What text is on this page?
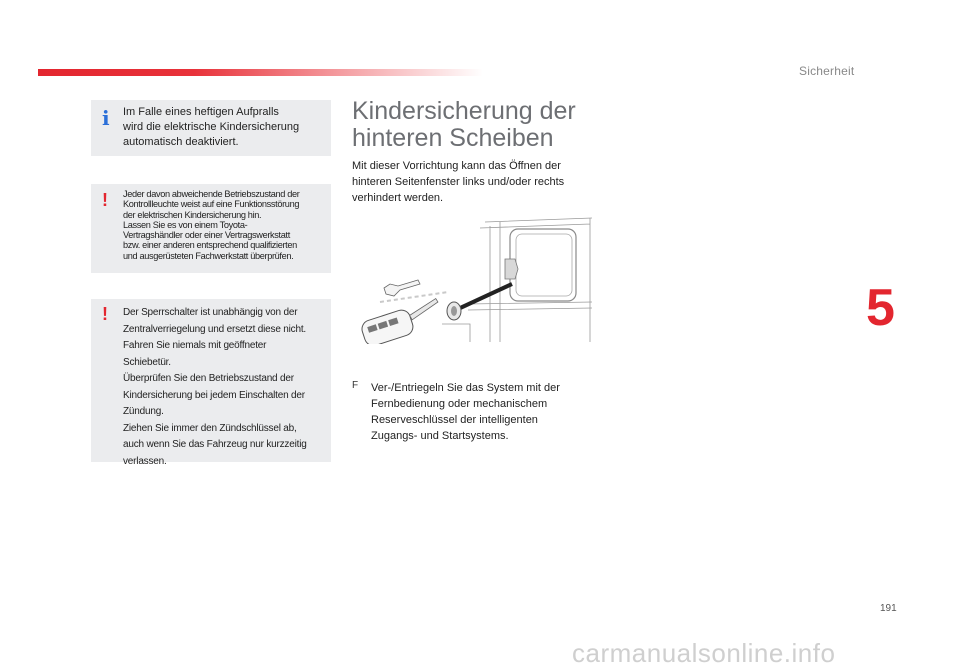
Sicherheit
i Im Falle eines heftigen Aufpralls
wird die elektrische Kindersicherung
automatisch deaktiviert.
! Jeder davon abweichende Betriebszustand der
Kontrollleuchte weist auf eine Funktionsstörung
der elektrischen Kindersicherung hin.
Lassen Sie es von einem Toyota-
Vertragshändler oder einer Vertragswerkstatt
bzw. einer anderen entsprechend qualifizierten
und ausgerüsteten Fachwerkstatt überprüfen.
! Der Sperrschalter ist unabhängig von der
Zentralverriegelung und ersetzt diese nicht.
Fahren Sie niemals mit geöffneter
Schiebetür.
Überprüfen Sie den Betriebszustand der
Kindersicherung bei jedem Einschalten der
Zündung.
Ziehen Sie immer den Zündschlüssel ab,
auch wenn Sie das Fahrzeug nur kurzzeitig
verlassen.
Kindersicherung der
hinteren Scheiben
Mit dieser Vorrichtung kann das Öffnen der
hinteren Seitenfenster links und/oder rechts
verhindert werden.
F Ver-/Entriegeln Sie das System mit der
Fernbedienung oder mechanischem
Reserveschlüssel der intelligenten
Zugangs- und Startsystems.
5
191
carmanualsonline.info
